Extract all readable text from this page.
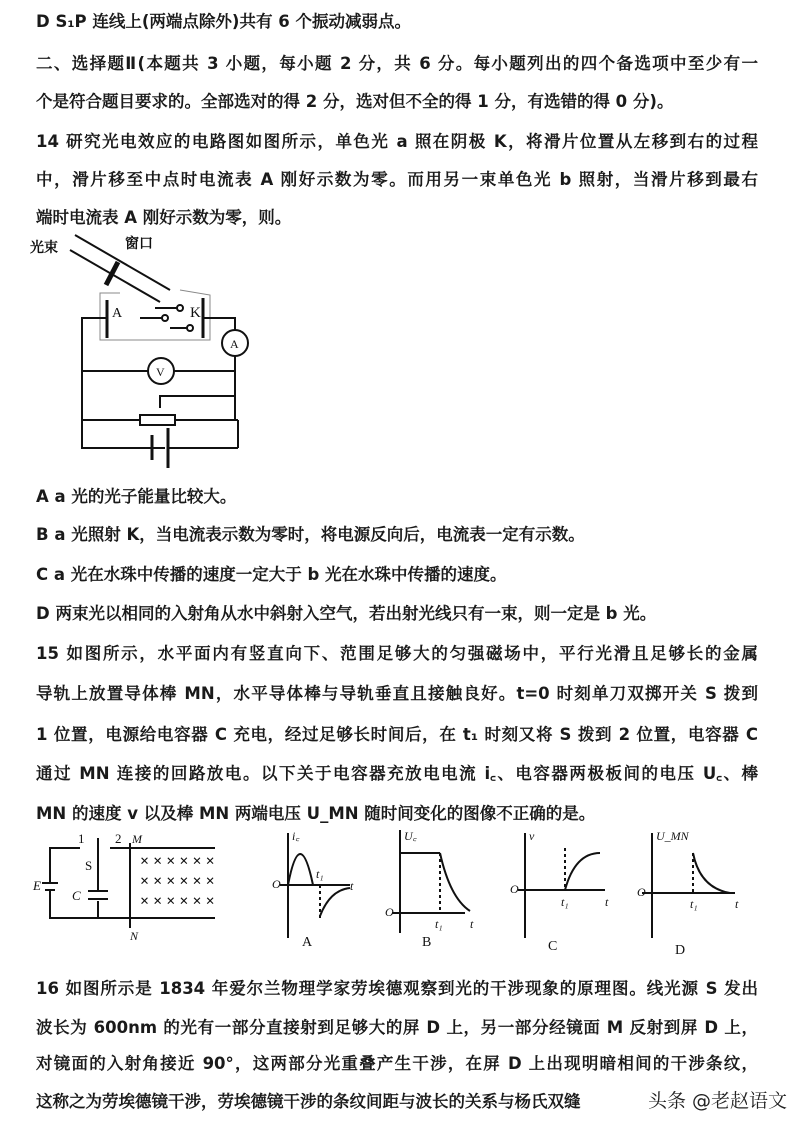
D S₁P 连线上(两端点除外)共有 6 个振动减弱点。
二、选择题Ⅱ(本题共 3 小题，每小题 2 分，共 6 分。每小题列出的四个备选项中至少有一
个是符合题目要求的。全部选对的得 2 分，选对但不全的得 1 分，有选错的得 0 分)。
14 研究光电效应的电路图如图所示，单色光 a 照在阴极 K，将滑片位置从左移到右的过程
中，滑片移至中点时电流表 A 刚好示数为零。而用另一束单色光 b 照射，当滑片移到最右
端时电流表 A 刚好示数为零，则。
光束	窗口
A	K
A
V
A a 光的光子能量比较大。
B a 光照射 K，当电流表示数为零时，将电源反向后，电流表一定有示数。
C a 光在水珠中传播的速度一定大于 b 光在水珠中传播的速度。
D 两束光以相同的入射角从水中斜射入空气，若出射光线只有一束，则一定是 b 光。
15 如图所示，水平面内有竖直向下、范围足够大的匀强磁场中，平行光滑且足够长的金属
导轨上放置导体棒 MN，水平导体棒与导轨垂直且接触良好。t=0 时刻单刀双掷开关 S 拨到
1 位置，电源给电容器 C 充电，经过足够长时间后，在 t₁ 时刻又将 S 拨到 2 位置，电容器 C
通过 MN 连接的回路放电。以下关于电容器充放电电流 i꜀、电容器两极板间的电压 U꜀、棒
MN 的速度 v 以及棒 MN 两端电压 U_MN 随时间变化的图像不正确的是。
× × × × × ×
× × × × × ×
× × × × × ×
1 2 M
N
S
E
C
i꜀
O
t₁
t
U꜀
O
t₁ t
v
O
t₁	t
U_MN
O
t₁	t
A	B	C	D
16 如图所示是 1834 年爱尔兰物理学家劳埃德观察到光的干涉现象的原理图。线光源 S 发出
波长为 600nm 的光有一部分直接射到足够大的屏 D 上，另一部分经镜面 M 反射到屏 D 上，
对镜面的入射角接近 90°，这两部分光重叠产生干涉，在屏 D 上出现明暗相间的干涉条纹，
这称之为劳埃德镜干涉，劳埃德镜干涉的条纹间距与波长的关系与杨氏双缝	头条 @老赵语文
